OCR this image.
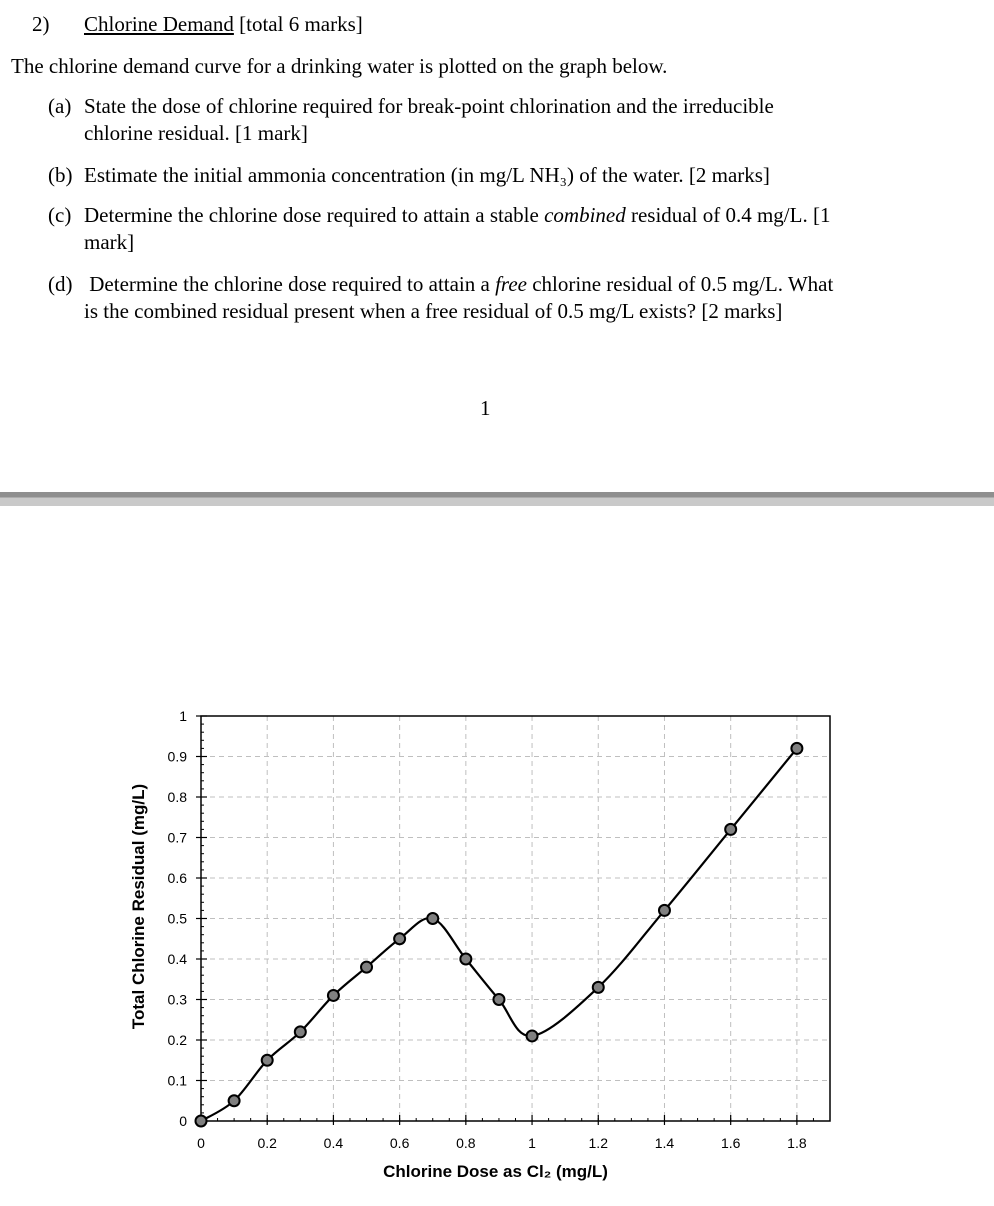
2) Chlorine Demand [total 6 marks]
The chlorine demand curve for a drinking water is plotted on the graph below.
(a) State the dose of chlorine required for break-point chlorination and the irreducible
chlorine residual. [1 mark]
(b) Estimate the initial ammonia concentration (in mg/L NH₃) of the water. [2 marks]
(c) Determine the chlorine dose required to attain a stable combined residual of 0.4 mg/L. [1
mark]
(d) Determine the chlorine dose required to attain a free chlorine residual of 0.5 mg/L. What
is the combined residual present when a free residual of 0.5 mg/L exists? [2 marks]
1
0
0.1
0.2
0.3
0.4
0.5
0.6
0.7
0.8
0.9
1
0	0.2	0.4	0.6	0.8	1	1.2	1.4	1.6	1.8
Chlorine Dose as Cl₂ (mg/L)
Total Chlorine Residual (mg/L)
